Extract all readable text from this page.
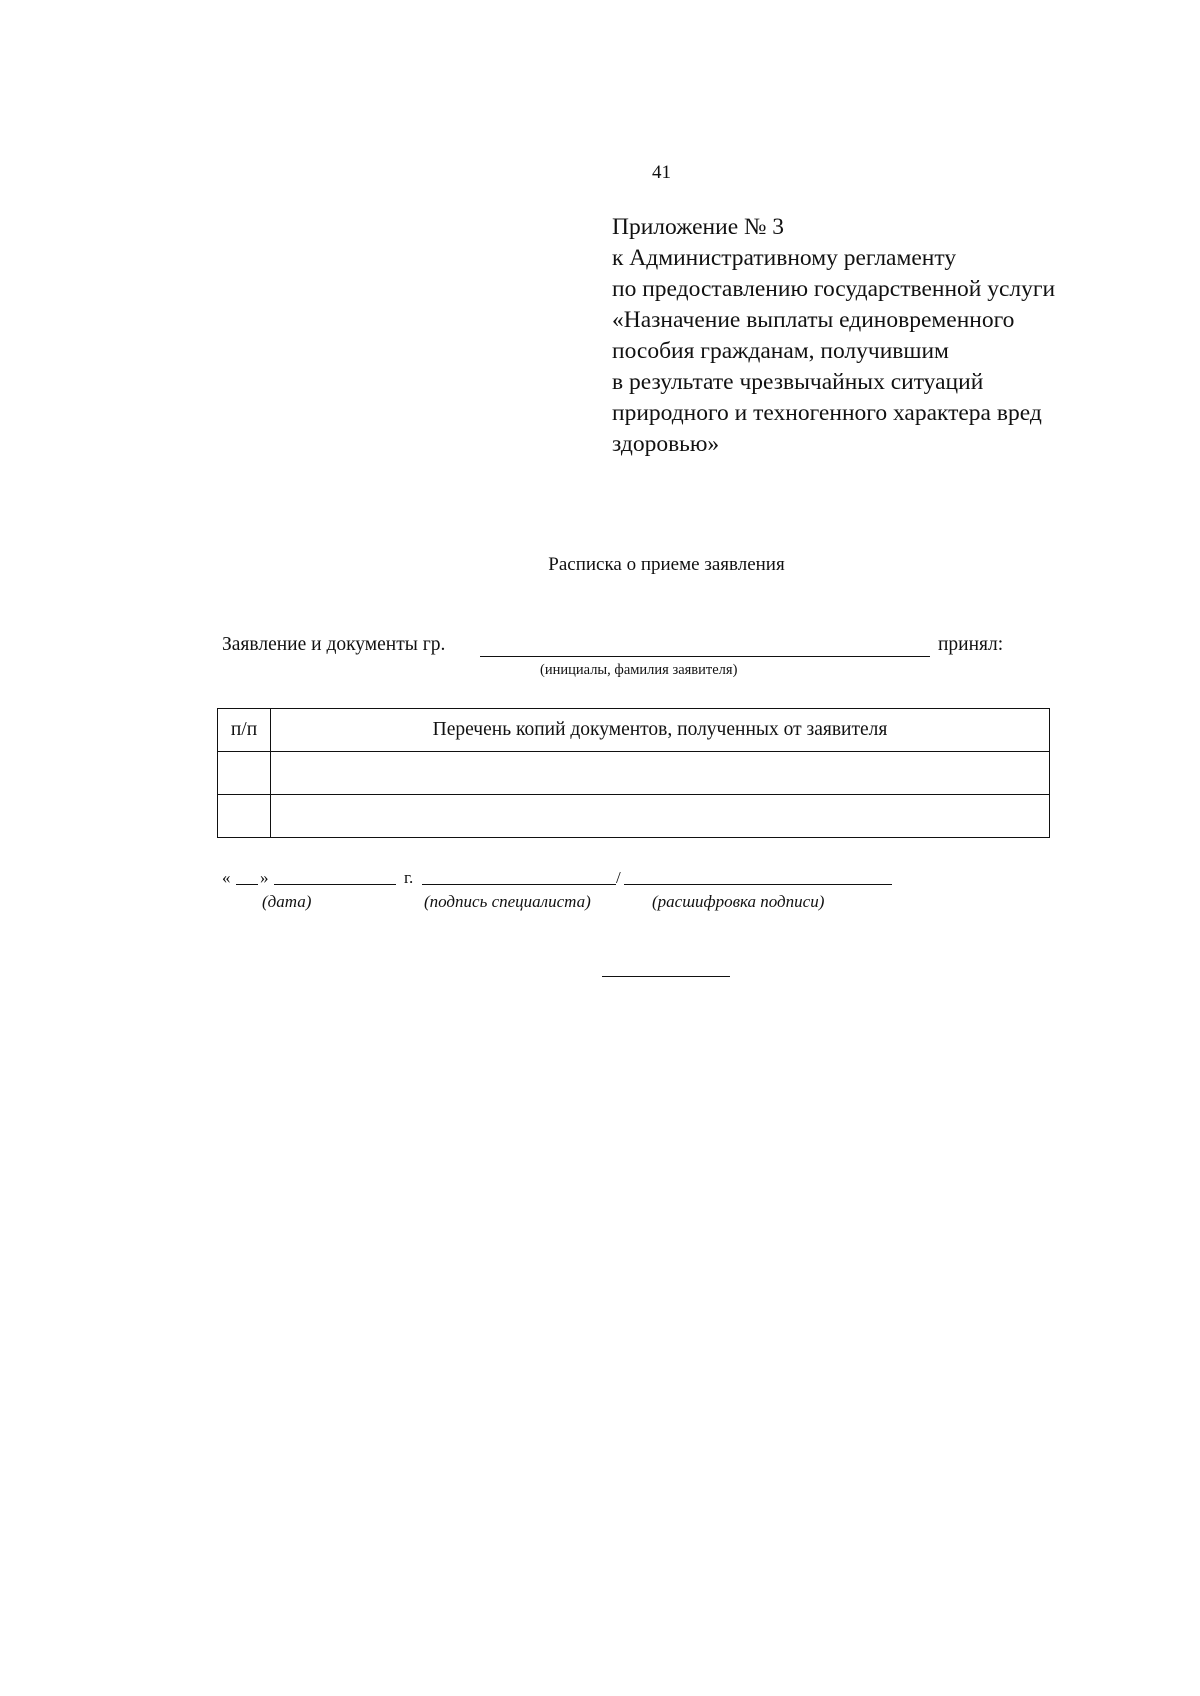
41
Приложение № 3
к Административному регламенту
по предоставлению государственной услуги
«Назначение выплаты единовременного
пособия гражданам, получившим
в результате чрезвычайных ситуаций
природного и техногенного характера вред
здоровью»
Расписка о приеме заявления
Заявление и документы гр.	принял:
(инициалы, фамилия заявителя)
п/п	Перечень копий документов, полученных от заявителя

« »	г.	/
(дата)	(подпись специалиста)	(расшифровка подписи)
